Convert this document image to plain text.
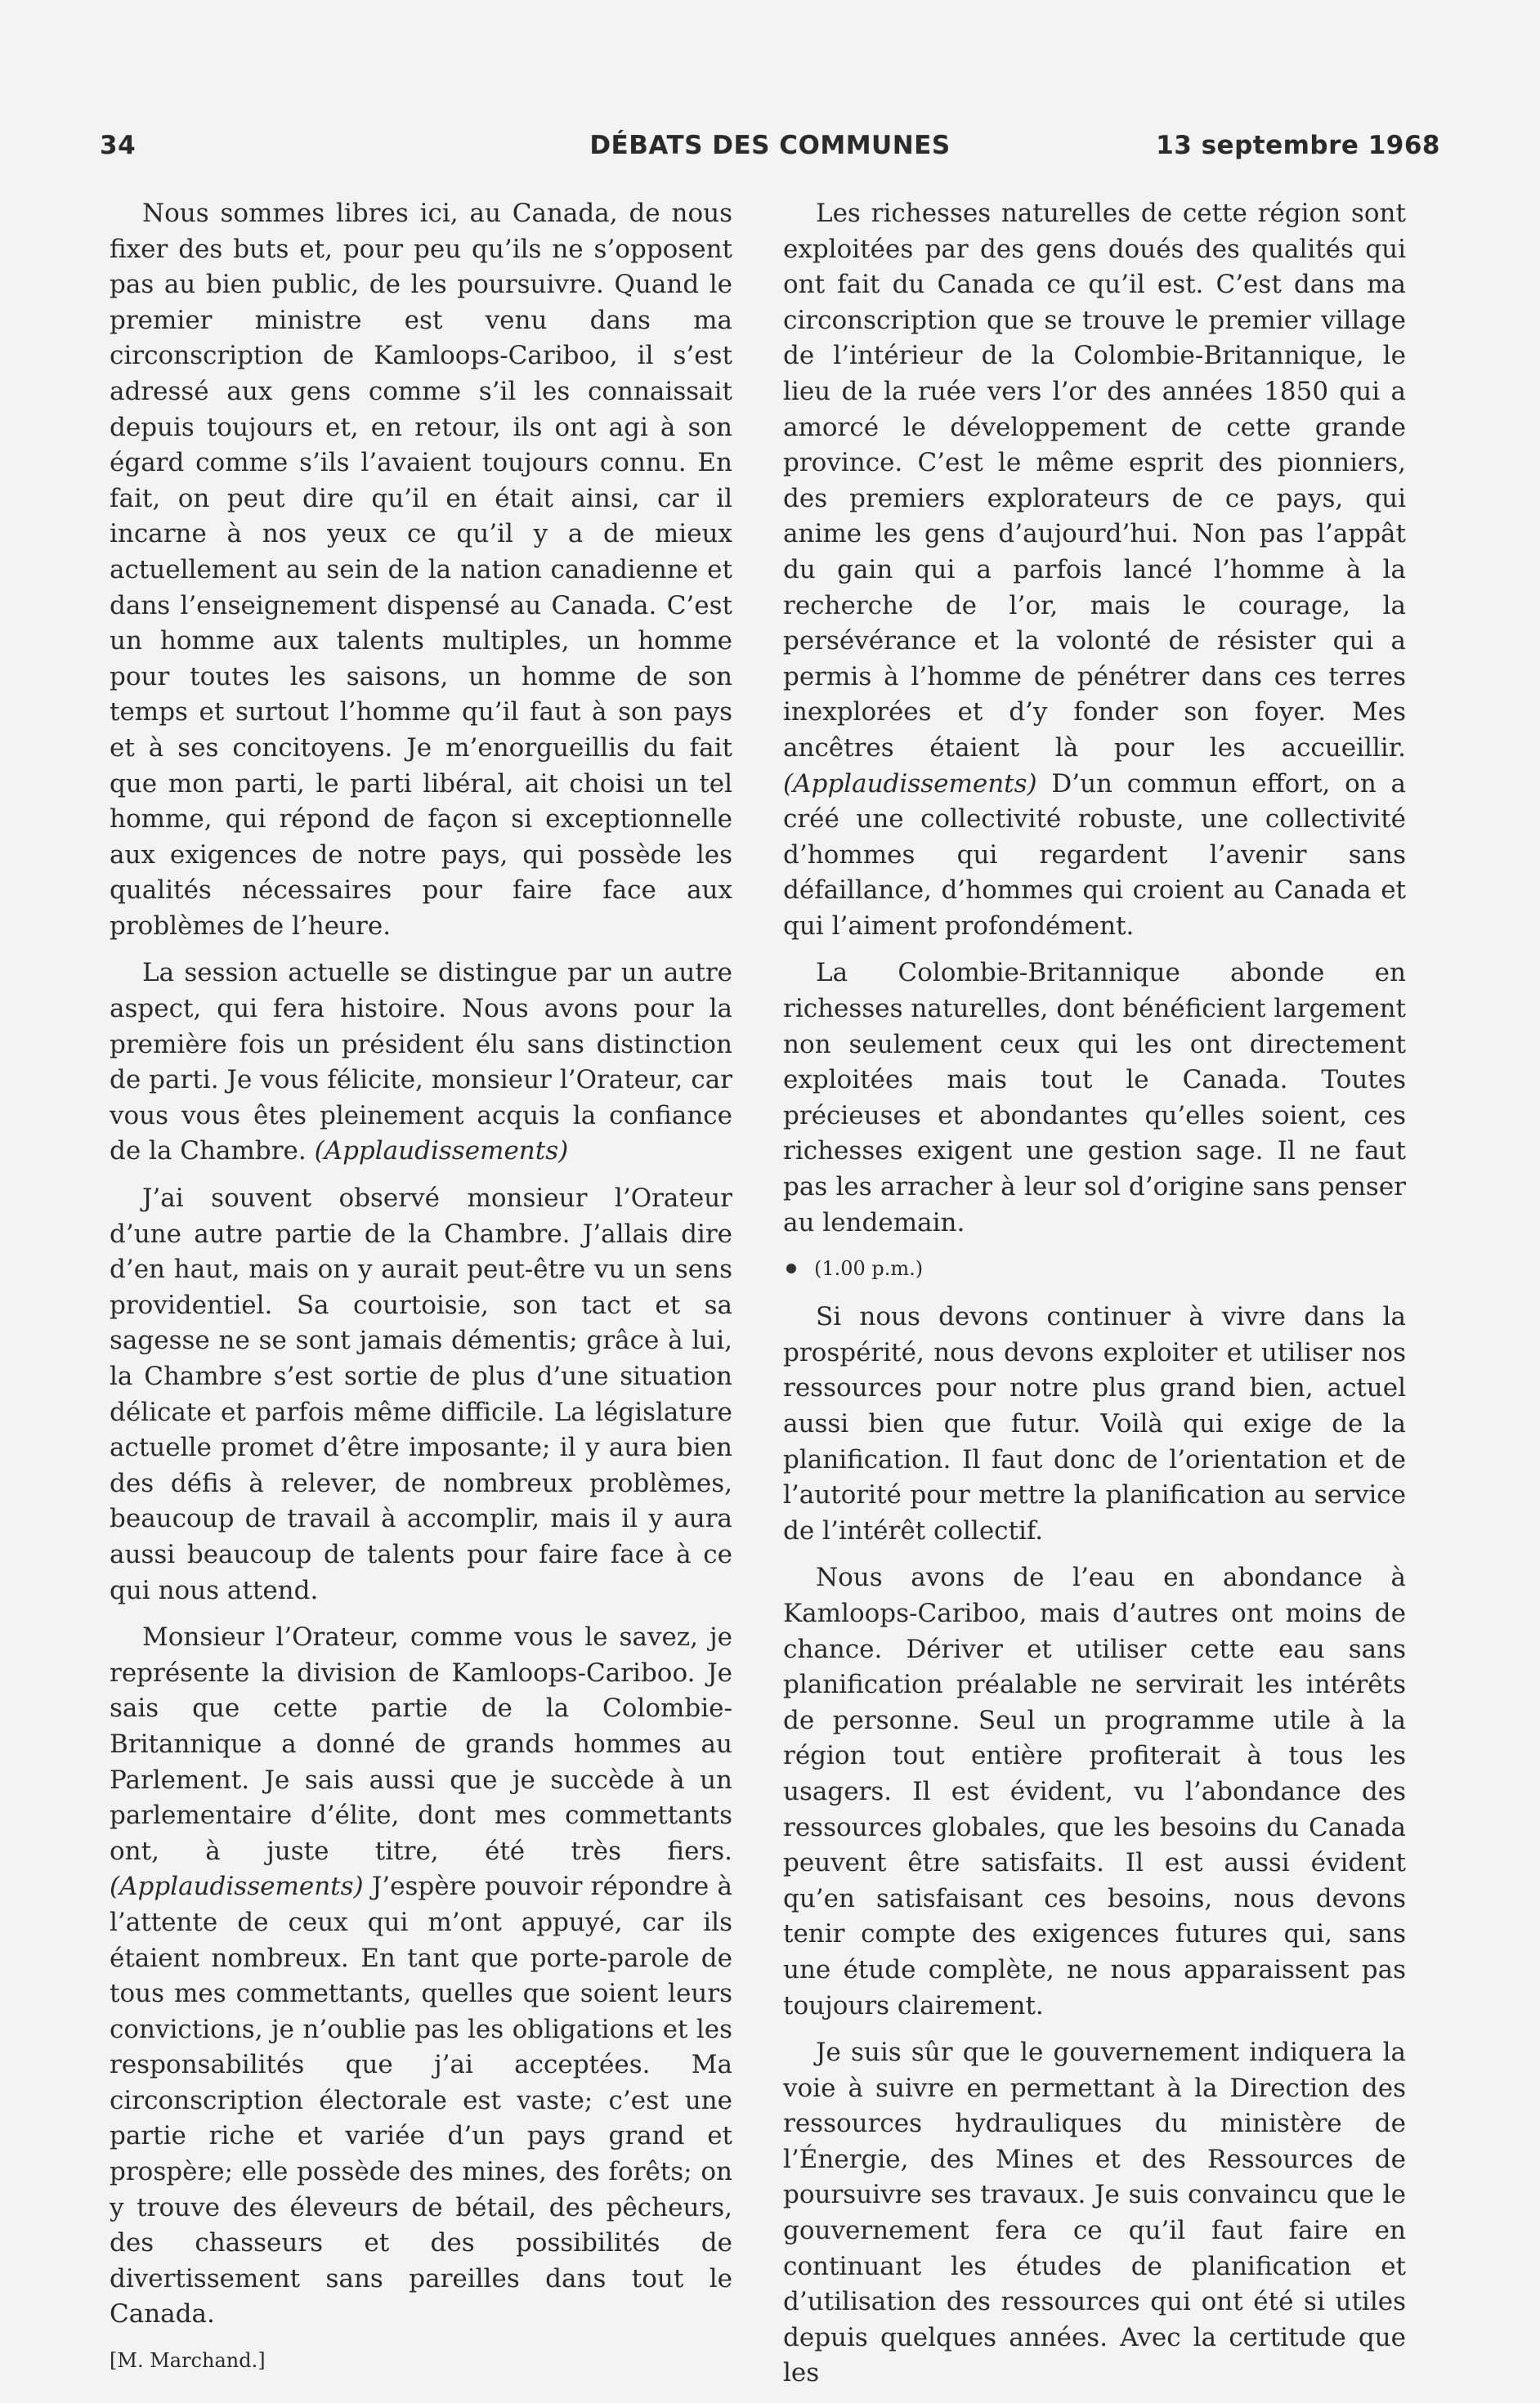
34	DÉBATS DES COMMUNES	13 septembre 1968

Nous sommes libres ici, au Canada, de nous fixer des buts et, pour peu qu’ils ne s’opposent pas au bien public, de les poursuivre. Quand le premier ministre est venu dans ma circonscription de Kamloops-Cariboo, il s’est adressé aux gens comme s’il les connaissait depuis toujours et, en retour, ils ont agi à son égard comme s’ils l’avaient toujours connu. En fait, on peut dire qu’il en était ainsi, car il incarne à nos yeux ce qu’il y a de mieux actuellement au sein de la nation canadienne et dans l’enseignement dispensé au Canada. C’est un homme aux talents multiples, un homme pour toutes les saisons, un homme de son temps et surtout l’homme qu’il faut à son pays et à ses concitoyens. Je m’enorgueillis du fait que mon parti, le parti libéral, ait choisi un tel homme, qui répond de façon si exceptionnelle aux exigences de notre pays, qui possède les qualités nécessaires pour faire face aux problèmes de l’heure.

La session actuelle se distingue par un autre aspect, qui fera histoire. Nous avons pour la première fois un président élu sans distinction de parti. Je vous félicite, monsieur l’Orateur, car vous vous êtes pleinement acquis la confiance de la Chambre. (Applaudissements)

J’ai souvent observé monsieur l’Orateur d’une autre partie de la Chambre. J’allais dire d’en haut, mais on y aurait peut-être vu un sens providentiel. Sa courtoisie, son tact et sa sagesse ne se sont jamais démentis; grâce à lui, la Chambre s’est sortie de plus d’une situation délicate et parfois même difficile. La législature actuelle promet d’être imposante; il y aura bien des défis à relever, de nombreux problèmes, beaucoup de travail à accomplir, mais il y aura aussi beaucoup de talents pour faire face à ce qui nous attend.

Monsieur l’Orateur, comme vous le savez, je représente la division de Kamloops-Cariboo. Je sais que cette partie de la Colombie-Britannique a donné de grands hommes au Parlement. Je sais aussi que je succède à un parlementaire d’élite, dont mes commettants ont, à juste titre, été très fiers. (Applaudissements) J’espère pouvoir répondre à l’attente de ceux qui m’ont appuyé, car ils étaient nombreux. En tant que porte-parole de tous mes commettants, quelles que soient leurs convictions, je n’oublie pas les obligations et les responsabilités que j’ai acceptées. Ma circonscription électorale est vaste; c’est une partie riche et variée d’un pays grand et prospère; elle possède des mines, des forêts; on y trouve des éleveurs de bétail, des pêcheurs, des chasseurs et des possibilités de divertissement sans pareilles dans tout le Canada.

[M. Marchand.]

Les richesses naturelles de cette région sont exploitées par des gens doués des qualités qui ont fait du Canada ce qu’il est. C’est dans ma circonscription que se trouve le premier village de l’intérieur de la Colombie-Britannique, le lieu de la ruée vers l’or des années 1850 qui a amorcé le développement de cette grande province. C’est le même esprit des pionniers, des premiers explorateurs de ce pays, qui anime les gens d’aujourd’hui. Non pas l’appât du gain qui a parfois lancé l’homme à la recherche de l’or, mais le courage, la persévérance et la volonté de résister qui a permis à l’homme de pénétrer dans ces terres inexplorées et d’y fonder son foyer. Mes ancêtres étaient là pour les accueillir. (Applaudissements) D’un commun effort, on a créé une collectivité robuste, une collectivité d’hommes qui regardent l’avenir sans défaillance, d’hommes qui croient au Canada et qui l’aiment profondément.

La Colombie-Britannique abonde en richesses naturelles, dont bénéficient largement non seulement ceux qui les ont directement exploitées mais tout le Canada. Toutes précieuses et abondantes qu’elles soient, ces richesses exigent une gestion sage. Il ne faut pas les arracher à leur sol d’origine sans penser au lendemain.

(1.00 p.m.)

Si nous devons continuer à vivre dans la prospérité, nous devons exploiter et utiliser nos ressources pour notre plus grand bien, actuel aussi bien que futur. Voilà qui exige de la planification. Il faut donc de l’orientation et de l’autorité pour mettre la planification au service de l’intérêt collectif.

Nous avons de l’eau en abondance à Kamloops-Cariboo, mais d’autres ont moins de chance. Dériver et utiliser cette eau sans planification préalable ne servirait les intérêts de personne. Seul un programme utile à la région tout entière profiterait à tous les usagers. Il est évident, vu l’abondance des ressources globales, que les besoins du Canada peuvent être satisfaits. Il est aussi évident qu’en satisfaisant ces besoins, nous devons tenir compte des exigences futures qui, sans une étude complète, ne nous apparaissent pas toujours clairement.

Je suis sûr que le gouvernement indiquera la voie à suivre en permettant à la Direction des ressources hydrauliques du ministère de l’Énergie, des Mines et des Ressources de poursuivre ses travaux. Je suis convaincu que le gouvernement fera ce qu’il faut faire en continuant les études de planification et d’utilisation des ressources qui ont été si utiles depuis quelques années. Avec la certitude que les
